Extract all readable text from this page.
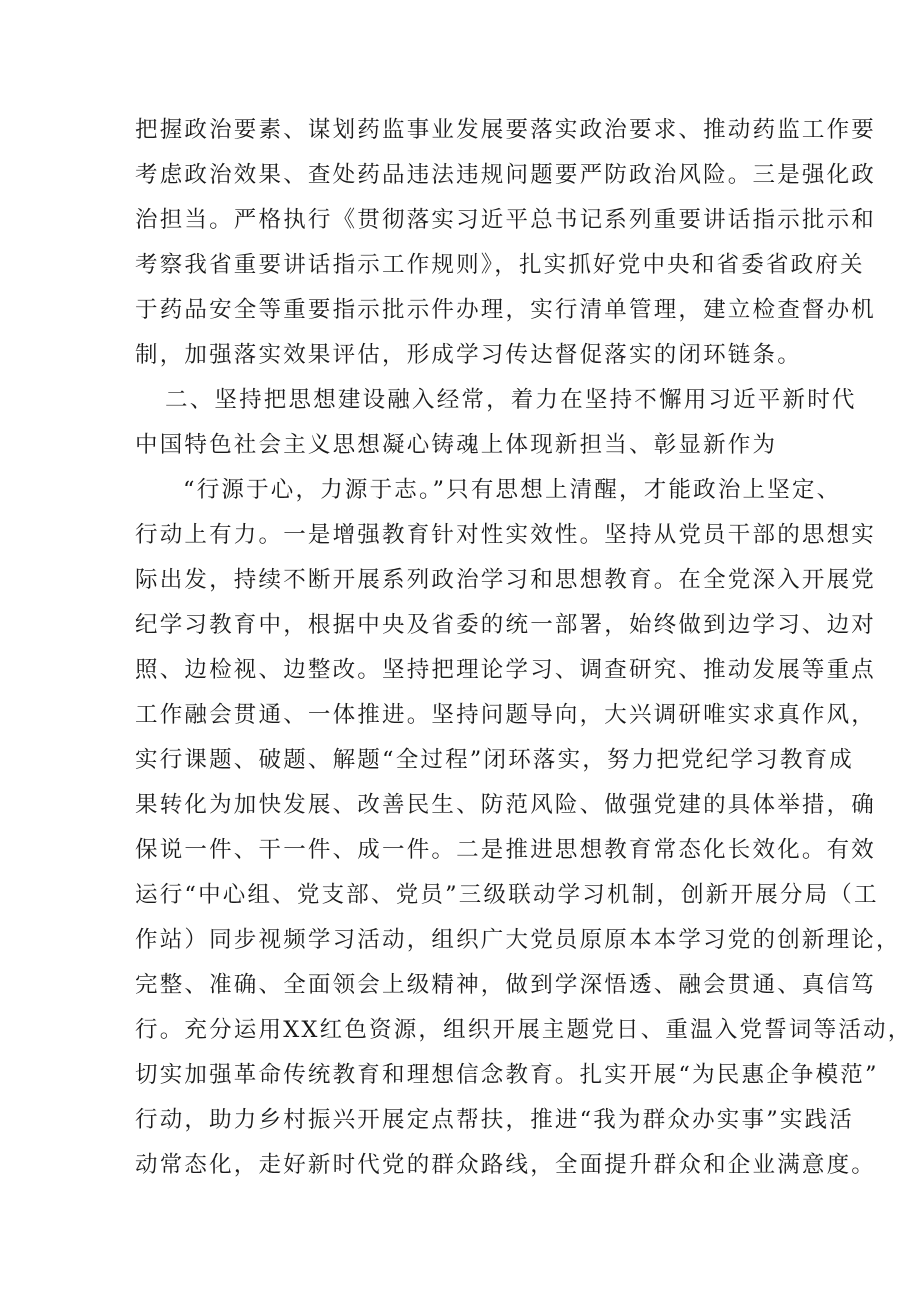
把握政治要素、谋划药监事业发展要落实政治要求、推动药监工作要
考虑政治效果、查处药品违法违规问题要严防政治风险。三是强化政
治担当。严格执行《贯彻落实习近平总书记系列重要讲话指示批示和
考察我省重要讲话指示工作规则》，扎实抓好党中央和省委省政府关
于药品安全等重要指示批示件办理，实行清单管理，建立检查督办机
制，加强落实效果评估，形成学习传达督促落实的闭环链条。
二、坚持把思想建设融入经常，着力在坚持不懈用习近平新时代
中国特色社会主义思想凝心铸魂上体现新担当、彰显新作为
“行源于心，力源于志。”只有思想上清醒，才能政治上坚定、
行动上有力。一是增强教育针对性实效性。坚持从党员干部的思想实
际出发，持续不断开展系列政治学习和思想教育。在全党深入开展党
纪学习教育中，根据中央及省委的统一部署，始终做到边学习、边对
照、边检视、边整改。坚持把理论学习、调查研究、推动发展等重点
工作融会贯通、一体推进。坚持问题导向，大兴调研唯实求真作风，
实行课题、破题、解题“全过程”闭环落实，努力把党纪学习教育成
果转化为加快发展、改善民生、防范风险、做强党建的具体举措，确
保说一件、干一件、成一件。二是推进思想教育常态化长效化。有效
运行“中心组、党支部、党员”三级联动学习机制，创新开展分局（工
作站）同步视频学习活动，组织广大党员原原本本学习党的创新理论，
完整、准确、全面领会上级精神，做到学深悟透、融会贯通、真信笃
行。充分运用XX红色资源，组织开展主题党日、重温入党誓词等活动，
切实加强革命传统教育和理想信念教育。扎实开展“为民惠企争模范”
行动，助力乡村振兴开展定点帮扶，推进“我为群众办实事”实践活
动常态化，走好新时代党的群众路线，全面提升群众和企业满意度。
